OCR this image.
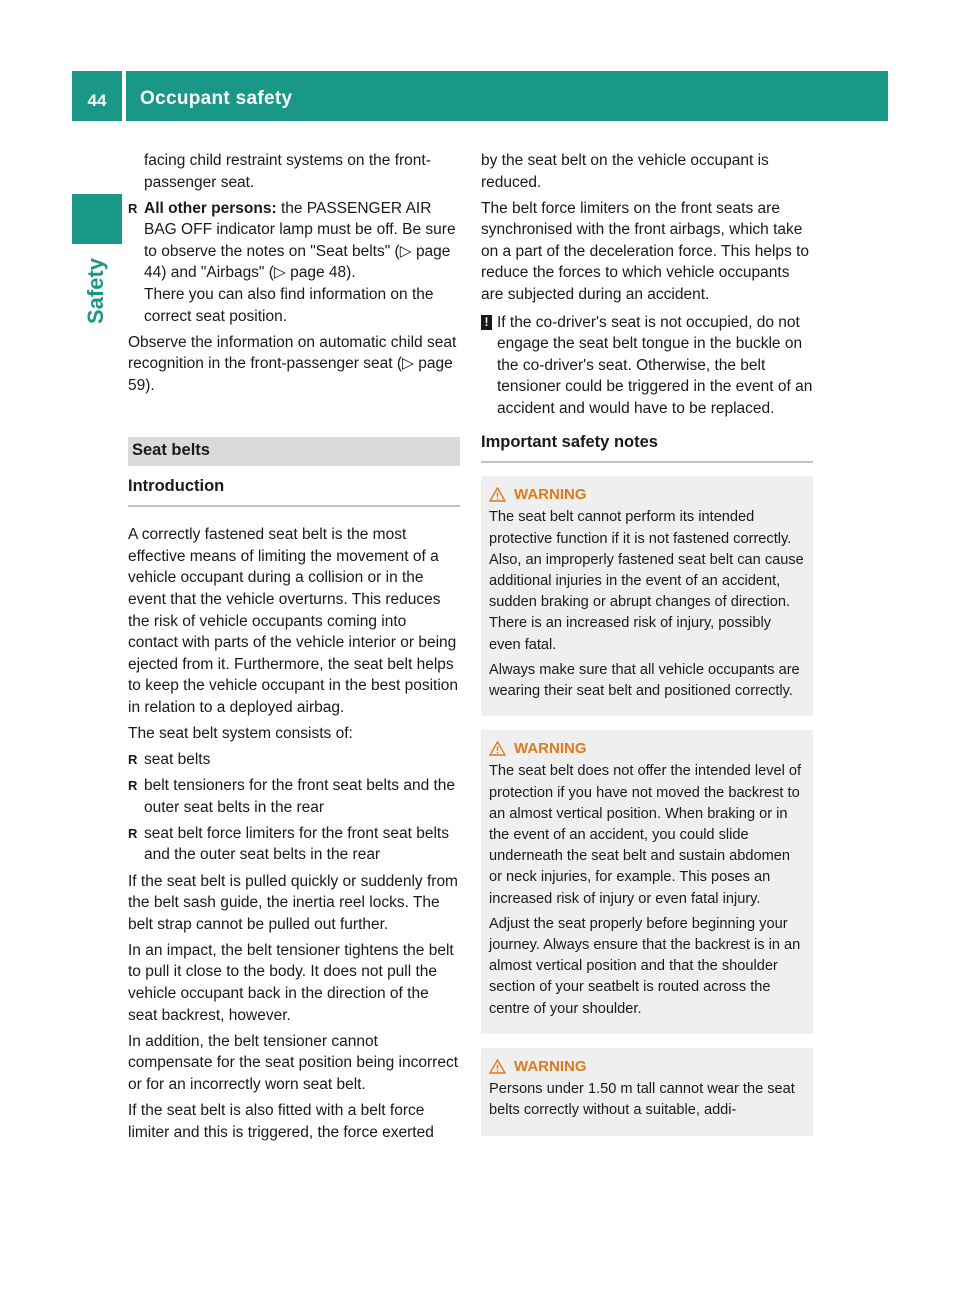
44	Occupant safety
Safety

facing child restraint systems on the front-passenger seat.

R All other persons: the PASSENGER AIR BAG OFF indicator lamp must be off. Be sure to observe the notes on "Seat belts" (▷ page 44) and "Airbags" (▷ page 48).
There you can also find information on the correct seat position.

Observe the information on automatic child seat recognition in the front-passenger seat (▷ page 59).

Seat belts
Introduction

A correctly fastened seat belt is the most effective means of limiting the movement of a vehicle occupant during a collision or in the event that the vehicle overturns. This reduces the risk of vehicle occupants coming into contact with parts of the vehicle interior or being ejected from it. Furthermore, the seat belt helps to keep the vehicle occupant in the best position in relation to a deployed airbag.

The seat belt system consists of:

R seat belts
R belt tensioners for the front seat belts and the outer seat belts in the rear
R seat belt force limiters for the front seat belts and the outer seat belts in the rear

If the seat belt is pulled quickly or suddenly from the belt sash guide, the inertia reel locks. The belt strap cannot be pulled out further.

In an impact, the belt tensioner tightens the belt to pull it close to the body. It does not pull the vehicle occupant back in the direction of the seat backrest, however.

In addition, the belt tensioner cannot compensate for the seat position being incorrect or for an incorrectly worn seat belt.

If the seat belt is also fitted with a belt force limiter and this is triggered, the force exerted

by the seat belt on the vehicle occupant is reduced.

The belt force limiters on the front seats are synchronised with the front airbags, which take on a part of the deceleration force. This helps to reduce the forces to which vehicle occupants are subjected during an accident.

! If the co-driver's seat is not occupied, do not engage the seat belt tongue in the buckle on the co-driver's seat. Otherwise, the belt tensioner could be triggered in the event of an accident and would have to be replaced.
Important safety notes
WARNING

The seat belt cannot perform its intended protective function if it is not fastened correctly. Also, an improperly fastened seat belt can cause additional injuries in the event of an accident, sudden braking or abrupt changes of direction. There is an increased risk of injury, possibly even fatal.

Always make sure that all vehicle occupants are wearing their seat belt and positioned correctly.

WARNING

The seat belt does not offer the intended level of protection if you have not moved the backrest to an almost vertical position. When braking or in the event of an accident, you could slide underneath the seat belt and sustain abdomen or neck injuries, for example. This poses an increased risk of injury or even fatal injury.

Adjust the seat properly before beginning your journey. Always ensure that the backrest is in an almost vertical position and that the shoulder section of your seatbelt is routed across the centre of your shoulder.

WARNING

Persons under 1.50 m tall cannot wear the seat belts correctly without a suitable, addi-
